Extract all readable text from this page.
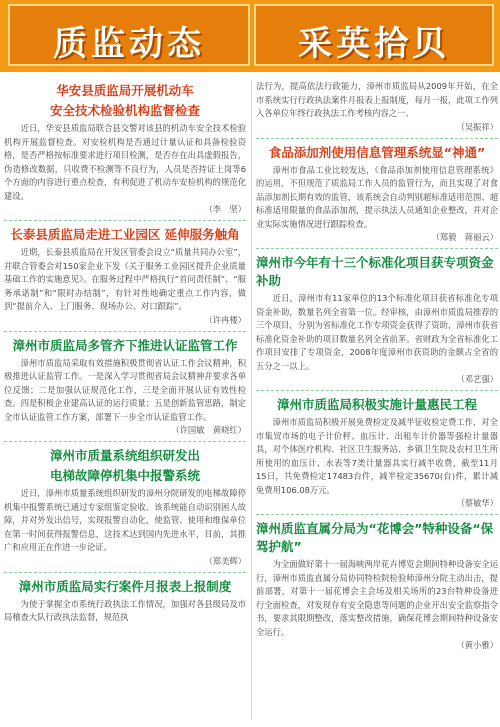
质监动态	采英拾贝
华安县质监局开展机动车
安全技术检验机构监督检查

近日，华安县质监局联合县交警对该县的机动车安全技术检验机构开展监督检查。对安检机构是否通过计量认证和具备检验资格，是否严格按标准要求进行项目检测，是否存在出具虚假报告，伪造修改数据，只收费不检测等不良行为，人员是否持证上岗等6个方面的内容进行重点检查，有利促进了机动车安检机构的规范化建设。

（李　坚）
长泰县质监局走进工业园区 延伸服务触角

近期，长泰县质监局在开发区管委会设立“质量共同办公室”，并联合管委会对150家企业下发《关于服务工业园区提升企业质量基础工作的实施意见》。在服务过程中严格执行“首问责任制”、“服务承诺制”和“限时办结制”，有针对性地确定重点工作内容，做到“提前介入、上门服务、现场办公、对口跟踪”。

（许冉楼）
漳州市质监局多管齐下推进认证监管工作

漳州市质监局采取有效措施积极贯彻省认证工作会议精神，积极推进认证监管工作。一是深入学习贯彻省局会议精神并要求各单位反馈；二是加强认证规范化工作，三是全面开展认证有效性检查。四是积极企业建高认证的运行质量；五是创新监管思路，制定全市认证监管工作方案，部署下一步全市认证监管工作。

（许国敏　黄晓红）
漳州市质量系统组织研发出
电梯故障停机集中报警系统

近日，漳州市质量系统组织研发的漳州分院研发的电梯故障停机集中报警系统已通过专家组鉴定验收。该系统能自动识别困人故障，并对外发出信号，实现报警自动化，使监管、使用和维保单位在第一时间获得报警信息，这技术达到国内先进水平，目前，其推广和应用正在作进一步论证。

（郑美辉）
漳州市质监局实行案件月报表上报制度

为使于掌握全市系统行政执法工作情况，加强对各县级局及市局稽查大队行政执法监督，规范执

法行为，提高依法行政能力，漳州市质监局从2009年开始，在全市系统实行行政执法案件月报表上报制度，每月一报，此项工作列入各单位年终行政执法工作考核内容之一。

（吴振祥）
食品添加剂使用信息管理系统显“神通”

漳州市食品工业比较发达，《食品添加剂使用信息管理系统》的运用，不但规范了质监局工作人员的监管行为，而且实现了对食品添加剂长期有效的监管，该系统会自动判别超标准适用范围、超标准适用限量的食品添加剂，提示执法人员通知企业整改，并对企业实际实施情况进行跟踪检查。

（郑毅　蒋丽云）
漳州市今年有十三个标准化项目获专项资金补助

近日，漳州市有11家单位的13个标准化项目获省标准化专项资金补助，数量名列全省第一位。经审核，由漳州市质监局推荐的三个项目，分别为省标准化工作专项资金获得了资助，漳州市获省标准化资金补助的项目数量名列全省前茅。省财政为全省标准化工作项目安排了专项资金，2008年度漳州市获资助的金额占全省的五分之一以上。

（邓艺强）
漳州市质监局积极实施计量惠民工程

漳州市质监局积极开展免费检定及减半征收检定费工作，对全市集贸市场的电子计价秤、血压计、出租车计价器等强检计量器具，对个体医疗机构、社区卫生服务站、乡镇卫生院及农村卫生所所使用的血压计、水表等7类计量器具实行减半收费，截至11月15日，共免费检定17483台件，减半检定35670(台)件，累计减免费用106.08万元。

（蔡敏华）
漳州质监直属分局为“花博会”特种设备“保驾护航”

为全面做好第十一届海峡两岸花卉博览会期间特种设备安全运行，漳州市质监直属分局协同特检院检验师漳州分院主动出击，提前部署，对第十一届花博会主会场及相关场所的23台特种设备进行全面检查，对发现存有安全隐患等问题的企业开出安全监察指令书，要求其限期整改，落实整改措施，确保花博会期间特种设备安全运行。

（黄小雅）
